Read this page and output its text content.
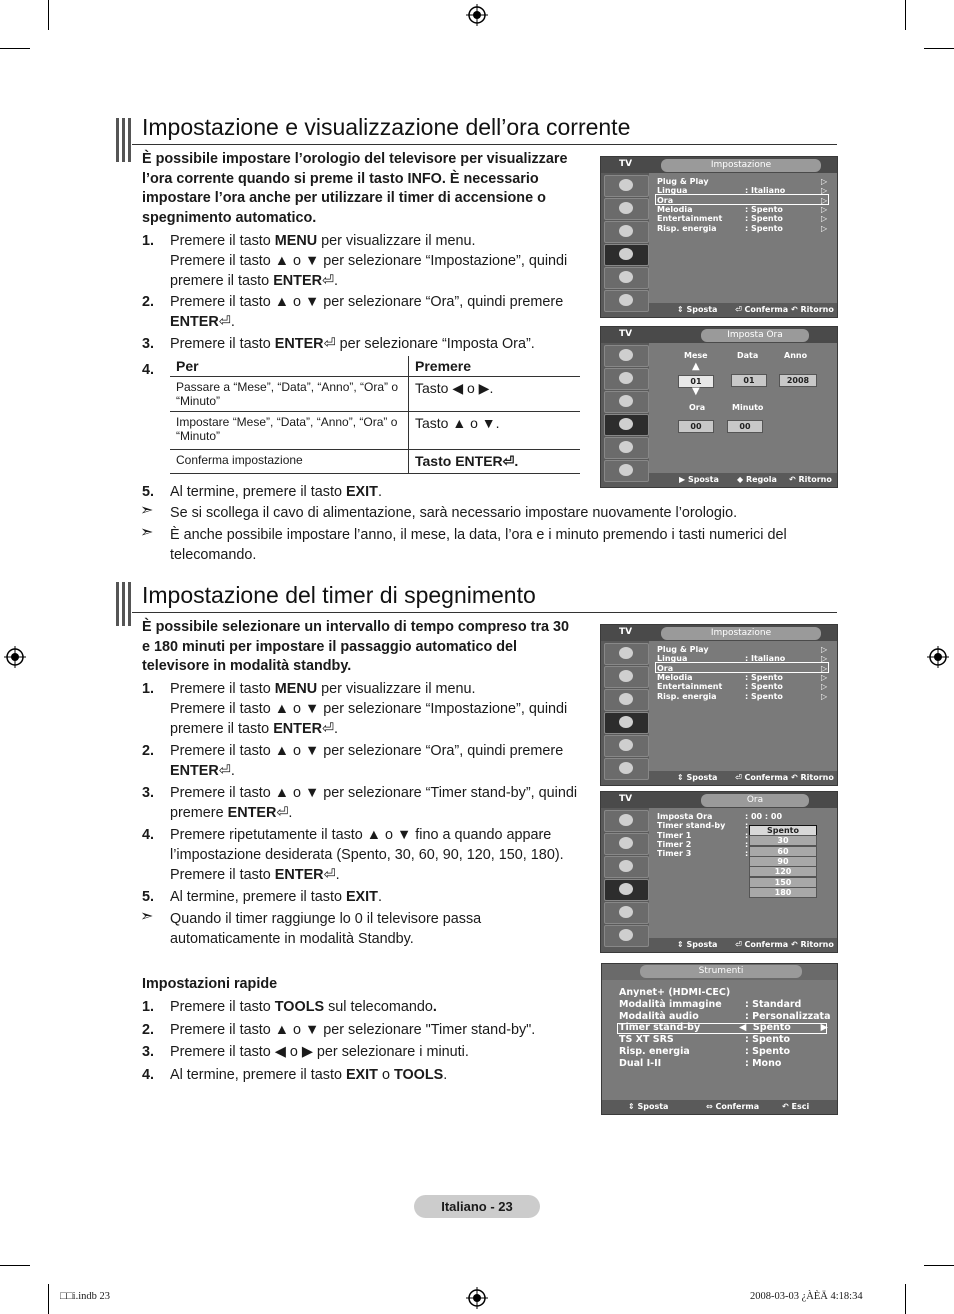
Impostazione e visualizzazione dell’ora corrente
È possibile impostare l’orologio del televisore per visualizzare l’ora corrente quando si preme il tasto INFO. È necessario impostare l’ora anche per utilizzare il timer di accensione o spegnimento automatico.
1. Premere il tasto MENU per visualizzare il menu.
Premere il tasto ▲ o ▼ per selezionare “Impostazione”, quindi
premere il tasto ENTER⏎.
2. Premere il tasto ▲ o ▼ per selezionare “Ora”, quindi premere
ENTER⏎.
3. Premere il tasto ENTER⏎ per selezionare “Imposta Ora”.
4. Per	Premere
Passare a “Mese”, “Data”, “Anno”, “Ora” o “Minuto”	Tasto ◀ o ▶.
Impostare “Mese”, “Data”, “Anno”, “Ora” o “Minuto”	Tasto ▲ o ▼.
Conferma impostazione	Tasto ENTER⏎.
5. Al termine, premere il tasto EXIT.
➣ Se si scollega il cavo di alimentazione, sarà necessario impostare nuovamente l’orologio.
➣ È anche possibile impostare l’anno, il mese, la data, l’ora e i minuto premendo i tasti numerici del
telecomando.
Impostazione del timer di spegnimento
È possibile selezionare un intervallo di tempo compreso tra 30 e 180 minuti per impostare il passaggio automatico del televisore in modalità standby.
1. Premere il tasto MENU per visualizzare il menu.
Premere il tasto ▲ o ▼ per selezionare “Impostazione”, quindi
premere il tasto ENTER⏎.
2. Premere il tasto ▲ o ▼ per selezionare “Ora”, quindi premere
ENTER⏎.
3. Premere il tasto ▲ o ▼ per selezionare “Timer stand-by”, quindi
premere ENTER⏎.
4. Premere ripetutamente il tasto ▲ o ▼ fino a quando appare
l’impostazione desiderata (Spento, 30, 60, 90, 120, 150, 180).
Premere il tasto ENTER⏎.
5. Al termine, premere il tasto EXIT.
➣ Quando il timer raggiunge lo 0 il televisore passa
automaticamente in modalità Standby.
Impostazioni rapide
1. Premere il tasto TOOLS sul telecomando.
2. Premere il tasto ▲ o ▼ per selezionare "Timer stand-by".
3. Premere il tasto ◀ o ▶ per selezionare i minuti.
4. Al termine, premere il tasto EXIT o TOOLS.
TV	Impostazione
Plug & Play	▷
Lingua	: Italiano	▷
Ora	▷
Melodia	: Spento	▷
Entertainment	: Spento	▷
Risp. energia	: Spento	▷
⇕ Sposta ⏎ Conferma ↶ Ritorno
TV	Imposta Ora
Mese	Data	Anno
▲
01	01	2008
▼
Ora	Minuto
00	00
▶ Sposta ◆ Regola ↶ Ritorno
TV	Impostazione
Plug & Play	▷
Lingua	: Italiano	▷
Ora	▷
Melodia	: Spento	▷
Entertainment	: Spento	▷
Risp. energia	: Spento	▷
⇕ Sposta ⏎ Conferma ↶ Ritorno
TV	Ora
Imposta Ora	: 00 : 00
Timer stand-by :
Timer 1	:
Timer 2	:
Timer 3	:
Spento
30
60
90
120
150
180
⇕ Sposta ⏎ Conferma ↶ Ritorno
Strumenti
Anynet+ (HDMI-CEC)
Modalità immagine : Standard
Modalità audio	: Personalizzata
Timer stand-by	◀  Spento         ▶
TS XT SRS	: Spento
Risp. energia	: Spento
Dual I-II	: Mono
⇕ Sposta	⇔ Conferma	↶ Esci
Italiano - 23
□□i.indb 23	2008-03-03 ¿ÀÈÄ 4:18:34
